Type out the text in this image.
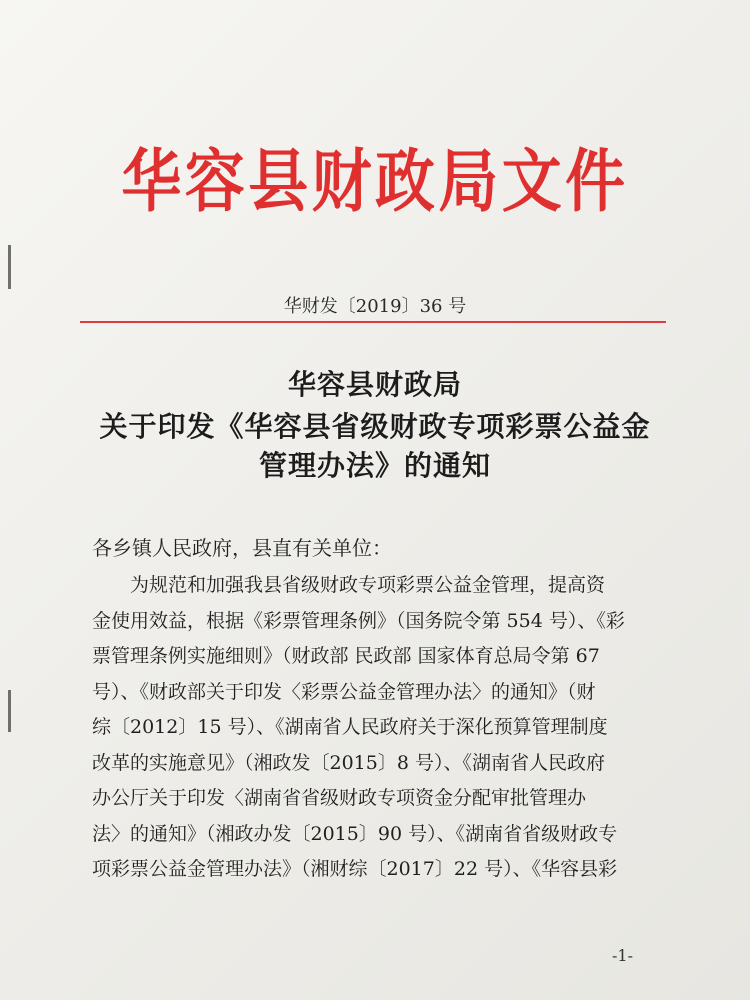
华容县财政局文件
华财发〔2019〕36 号
华容县财政局
关于印发《华容县省级财政专项彩票公益金
管理办法》的通知
各乡镇人民政府，县直有关单位：
　　为规范和加强我县省级财政专项彩票公益金管理，提高资
金使用效益，根据《彩票管理条例》（国务院令第 554 号）、《彩
票管理条例实施细则》（财政部 民政部 国家体育总局令第 67
号）、《财政部关于印发〈彩票公益金管理办法〉的通知》（财
综〔2012〕15 号）、《湖南省人民政府关于深化预算管理制度
改革的实施意见》（湘政发〔2015〕8 号）、《湖南省人民政府
办公厅关于印发〈湖南省省级财政专项资金分配审批管理办
法〉的通知》（湘政办发〔2015〕90 号）、《湖南省省级财政专
项彩票公益金管理办法》（湘财综〔2017〕22 号）、《华容县彩
-1-
